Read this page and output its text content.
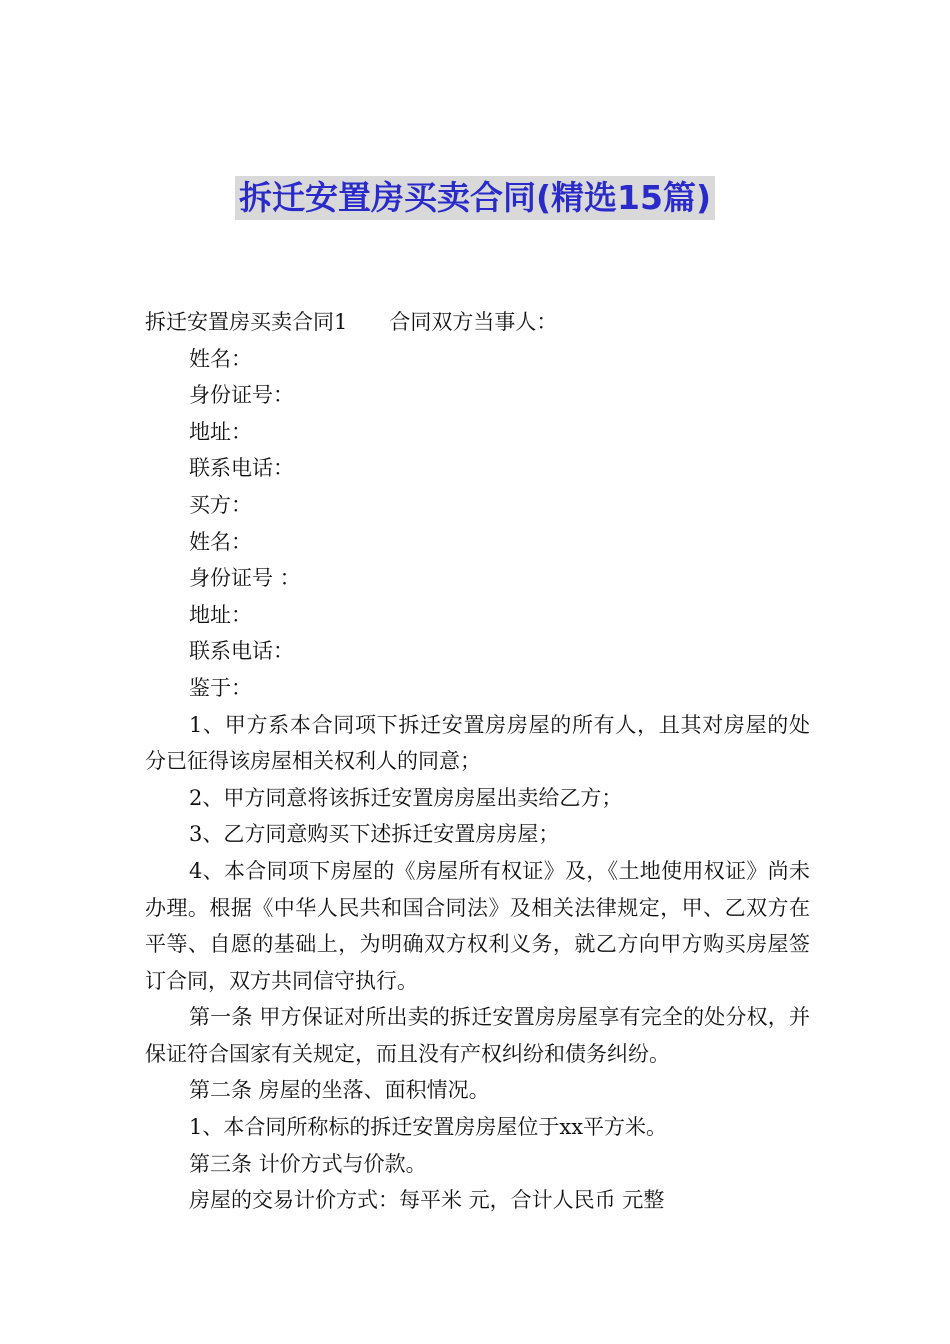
拆迁安置房买卖合同(精选15篇)
拆迁安置房买卖合同1 合同双方当事人：
姓名：
身份证号：
地址：
联系电话：
买方：
姓名：
身份证号 ：
地址：
联系电话：
鉴于：
1、甲方系本合同项下拆迁安置房房屋的所有人，且其对房屋的处分已征得该房屋相关权利人的同意；
2、甲方同意将该拆迁安置房房屋出卖给乙方；
3、乙方同意购买下述拆迁安置房房屋；
4、本合同项下房屋的《房屋所有权证》及，《土地使用权证》尚未办理。根据《中华人民共和国合同法》及相关法律规定，甲、乙双方在平等、自愿的基础上，为明确双方权利义务，就乙方向甲方购买房屋签订合同，双方共同信守执行。
第一条 甲方保证对所出卖的拆迁安置房房屋享有完全的处分权，并保证符合国家有关规定，而且没有产权纠纷和债务纠纷。
第二条 房屋的坐落、面积情况。
1、本合同所称标的拆迁安置房房屋位于xx平方米。
第三条 计价方式与价款。
房屋的交易计价方式：每平米 元，合计人民币 元整
